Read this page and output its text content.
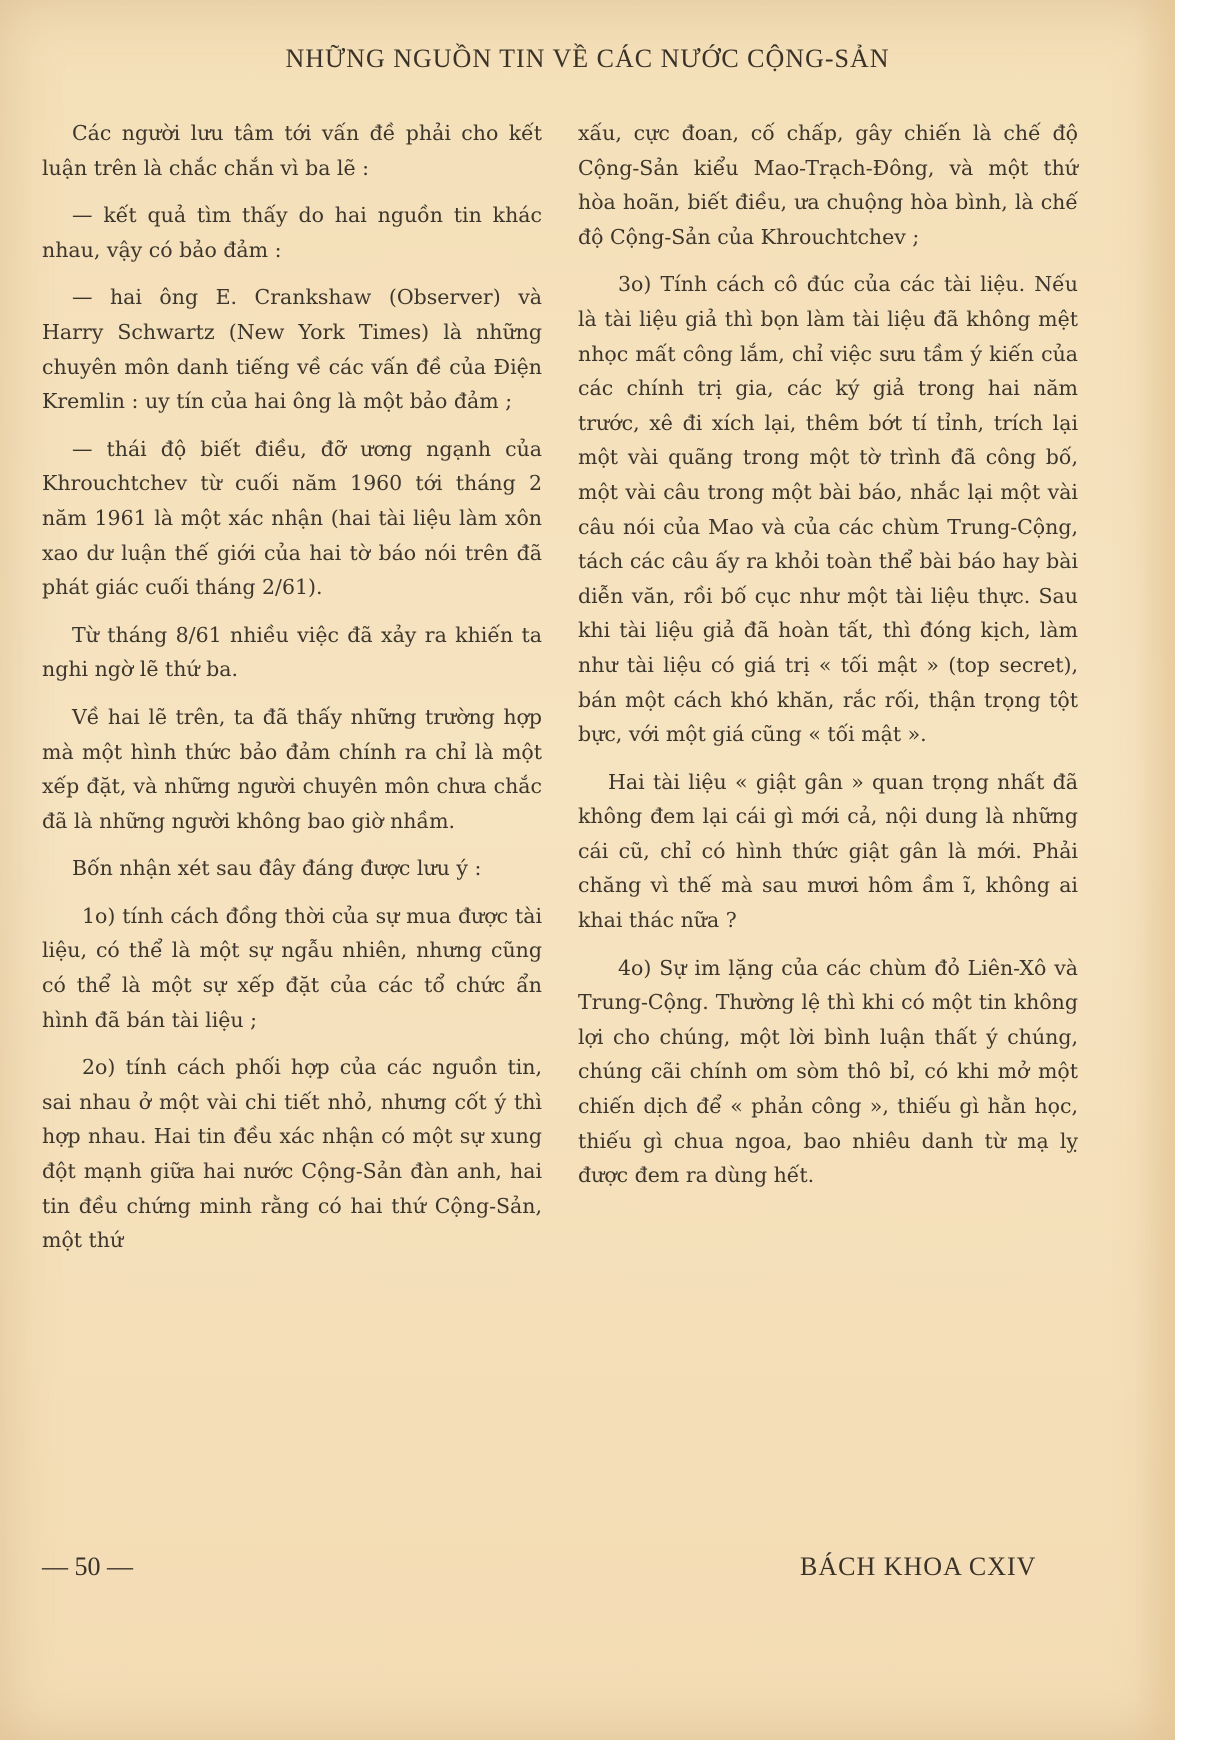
NHỮNG NGUỒN TIN VỀ CÁC NƯỚC CỘNG-SẢN

Các người lưu tâm tới vấn đề phải cho kết luận trên là chắc chắn vì ba lẽ :

— kết quả tìm thấy do hai nguồn tin khác nhau, vậy có bảo đảm :

— hai ông E. Crankshaw (Observer) và Harry Schwartz (New York Times) là những chuyên môn danh tiếng về các vấn đề của Điện Kremlin : uy tín của hai ông là một bảo đảm ;

— thái độ biết điều, đỡ ương ngạnh của Khrouchtchev từ cuối năm 1960 tới tháng 2 năm 1961 là một xác nhận (hai tài liệu làm xôn xao dư luận thế giới của hai tờ báo nói trên đã phát giác cuối tháng 2/61).

Từ tháng 8/61 nhiều việc đã xảy ra khiến ta nghi ngờ lẽ thứ ba.

Về hai lẽ trên, ta đã thấy những trường hợp mà một hình thức bảo đảm chính ra chỉ là một xếp đặt, và những người chuyên môn chưa chắc đã là những người không bao giờ nhầm.

Bốn nhận xét sau đây đáng được lưu ý :

1o) tính cách đồng thời của sự mua được tài liệu, có thể là một sự ngẫu nhiên, nhưng cũng có thể là một sự xếp đặt của các tổ chức ẩn hình đã bán tài liệu ;

2o) tính cách phối hợp của các nguồn tin, sai nhau ở một vài chi tiết nhỏ, nhưng cốt ý thì hợp nhau. Hai tin đều xác nhận có một sự xung đột mạnh giữa hai nước Cộng-Sản đàn anh, hai tin đều chứng minh rằng có hai thứ Cộng-Sản, một thứ

xấu, cực đoan, cố chấp, gây chiến là chế độ Cộng-Sản kiểu Mao-Trạch-Đông, và một thứ hòa hoãn, biết điều, ưa chuộng hòa bình, là chế độ Cộng-Sản của Khrouchtchev ;

3o) Tính cách cô đúc của các tài liệu. Nếu là tài liệu giả thì bọn làm tài liệu đã không mệt nhọc mất công lắm, chỉ việc sưu tầm ý kiến của các chính trị gia, các ký giả trong hai năm trước, xê đi xích lại, thêm bớt tí tỉnh, trích lại một vài quãng trong một tờ trình đã công bố, một vài câu trong một bài báo, nhắc lại một vài câu nói của Mao và của các chùm Trung-Cộng, tách các câu ấy ra khỏi toàn thể bài báo hay bài diễn văn, rồi bố cục như một tài liệu thực. Sau khi tài liệu giả đã hoàn tất, thì đóng kịch, làm như tài liệu có giá trị « tối mật » (top secret), bán một cách khó khăn, rắc rối, thận trọng tột bực, với một giá cũng « tối mật ».

Hai tài liệu « giật gân » quan trọng nhất đã không đem lại cái gì mới cả, nội dung là những cái cũ, chỉ có hình thức giật gân là mới. Phải chăng vì thế mà sau mươi hôm ầm ĩ, không ai khai thác nữa ?

4o) Sự im lặng của các chùm đỏ Liên-Xô và Trung-Cộng. Thường lệ thì khi có một tin không lợi cho chúng, một lời bình luận thất ý chúng, chúng cãi chính om sòm thô bỉ, có khi mở một chiến dịch để « phản công », thiếu gì hằn học, thiếu gì chua ngoa, bao nhiêu danh từ mạ lỵ được đem ra dùng hết.

— 50 —	BÁCH KHOA CXIV
